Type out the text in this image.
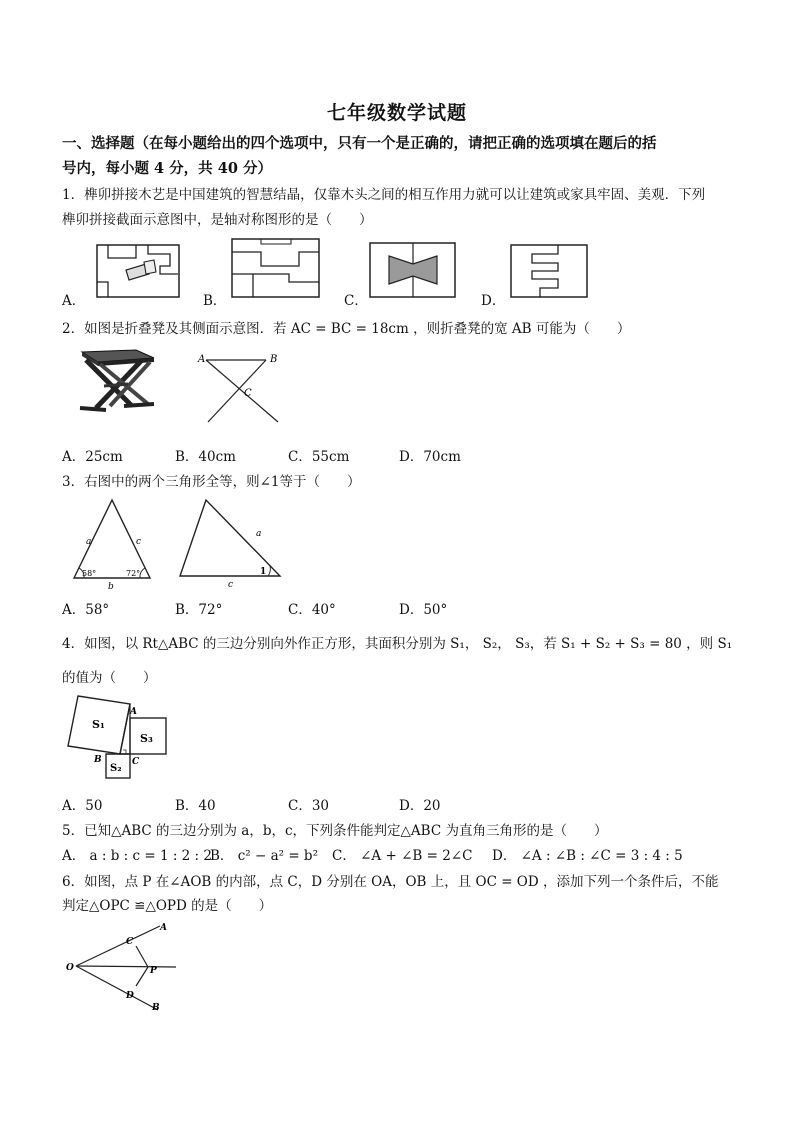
七年级数学试题
一、选择题（在每小题给出的四个选项中，只有一个是正确的，请把正确的选项填在题后的括
号内，每小题 4 分，共 40 分）
1．榫卯拼接木艺是中国建筑的智慧结晶，仅靠木头之间的相互作用力就可以让建筑或家具牢固、美观．下列
榫卯拼接截面示意图中，是轴对称图形的是（　　）
A．	B．	C．	D．
2．如图是折叠凳及其侧面示意图．若 AC = BC = 18cm ，则折叠凳的宽 AB 可能为（　　）
A	B
C
A．25cm	B．40cm	C．55cm	D．70cm
3．右图中的两个三角形全等，则∠1等于（　　）
a	c
b
58°	72°
a
c
1
A．58°	B．72°	C．40°	D．50°
4．如图，以 Rt△ABC 的三边分别向外作正方形，其面积分别为 S₁， S₂， S₃，若 S₁ + S₂ + S₃ = 80 ，则 S₁
的值为（　　）
S₁
S₃
S₂
A
B	C
A．50	B．40	C．30	D．20
5．已知△ABC 的三边分别为 a，b，c，下列条件能判定△ABC 为直角三角形的是（　　）
A． a : b : c = 1 : 2 : 2
B． c² − a² = b² C． ∠A + ∠B = 2∠C D． ∠A : ∠B : ∠C = 3 : 4 : 5
6．如图，点 P 在∠AOB 的内部，点 C，D 分别在 OA，OB 上，且 OC = OD ，添加下列一个条件后，不能
判定△OPC ≌△OPD 的是（　　）
O
A
B
C
D
P
